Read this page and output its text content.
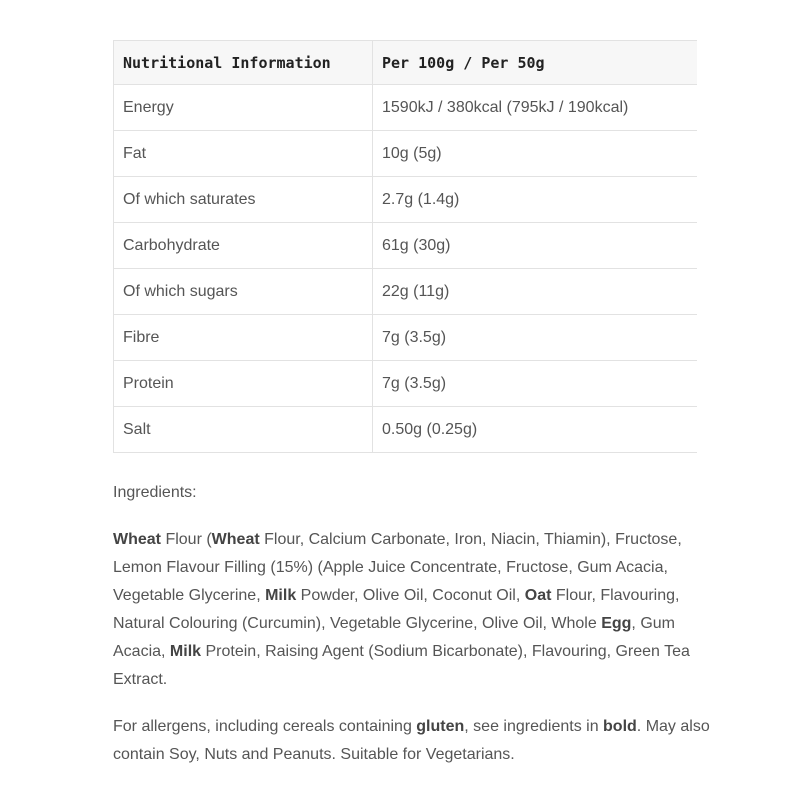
Nutritional Information	Per 100g / Per 50g
Energy	1590kJ / 380kcal (795kJ / 190kcal)
Fat	10g (5g)
Of which saturates	2.7g (1.4g)
Carbohydrate	61g (30g)
Of which sugars	22g (11g)
Fibre	7g (3.5g)
Protein	7g (3.5g)
Salt	0.50g (0.25g)
Ingredients:

Wheat Flour (Wheat Flour, Calcium Carbonate, Iron, Niacin, Thiamin), Fructose, Lemon Flavour Filling (15%) (Apple Juice Concentrate, Fructose, Gum Acacia, Vegetable Glycerine, Milk Powder, Olive Oil, Coconut Oil, Oat Flour, Flavouring, Natural Colouring (Curcumin), Vegetable Glycerine, Olive Oil, Whole Egg, Gum Acacia, Milk Protein, Raising Agent (Sodium Bicarbonate), Flavouring, Green Tea Extract.

For allergens, including cereals containing gluten, see ingredients in bold. May also contain Soy, Nuts and Peanuts. Suitable for Vegetarians.
